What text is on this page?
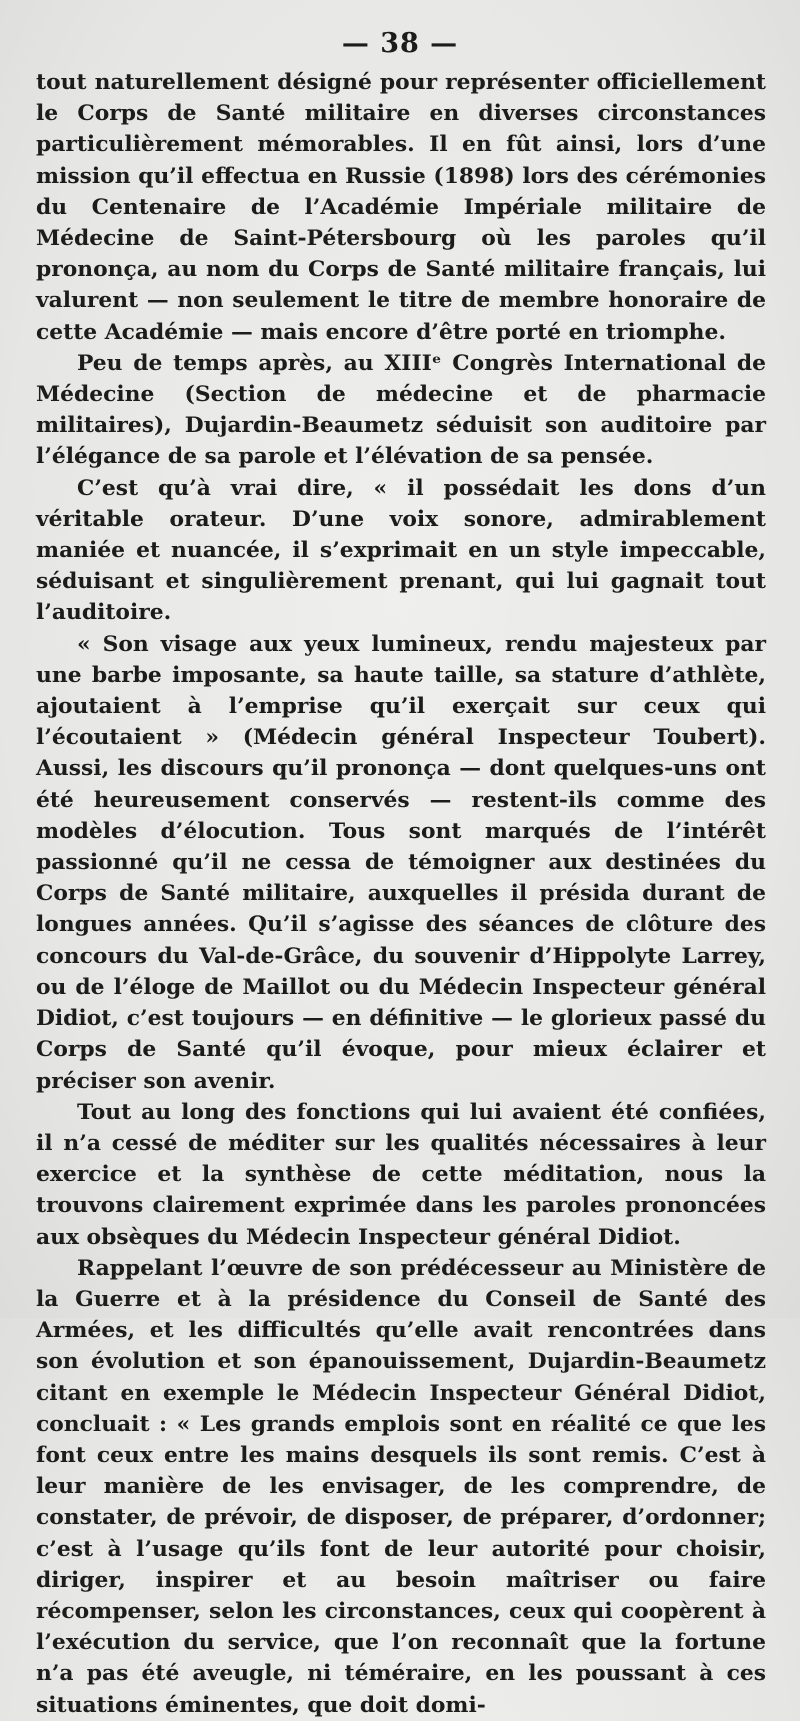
— 38 —

tout naturellement désigné pour représenter officiellement le Corps de Santé militaire en diverses circonstances particulièrement mémorables. Il en fût ainsi, lors d’une mission qu’il effectua en Russie (1898) lors des cérémonies du Centenaire de l’Académie Impériale militaire de Médecine de Saint-Pétersbourg où les paroles qu’il prononça, au nom du Corps de Santé militaire français, lui valurent — non seulement le titre de membre honoraire de cette Académie — mais encore d’être porté en triomphe.

Peu de temps après, au XIIIᵉ Congrès International de Médecine (Section de médecine et de pharmacie militaires), Dujardin-Beaumetz séduisit son auditoire par l’élégance de sa parole et l’élévation de sa pensée.

C’est qu’à vrai dire, « il possédait les dons d’un véritable orateur. D’une voix sonore, admirablement maniée et nuancée, il s’exprimait en un style impeccable, séduisant et singulièrement prenant, qui lui gagnait tout l’auditoire.

« Son visage aux yeux lumineux, rendu majesteux par une barbe imposante, sa haute taille, sa stature d’athlète, ajoutaient à l’emprise qu’il exerçait sur ceux qui l’écoutaient » (Médecin général Inspecteur Toubert). Aussi, les discours qu’il prononça — dont quelques-uns ont été heureusement conservés — restent-ils comme des modèles d’élocution. Tous sont marqués de l’intérêt passionné qu’il ne cessa de témoigner aux destinées du Corps de Santé militaire, auxquelles il présida durant de longues années. Qu’il s’agisse des séances de clôture des concours du Val-de-Grâce, du souvenir d’Hippolyte Larrey, ou de l’éloge de Maillot ou du Médecin Inspecteur général Didiot, c’est toujours — en définitive — le glorieux passé du Corps de Santé qu’il évoque, pour mieux éclairer et préciser son avenir.

Tout au long des fonctions qui lui avaient été confiées, il n’a cessé de méditer sur les qualités nécessaires à leur exercice et la synthèse de cette méditation, nous la trouvons clairement exprimée dans les paroles prononcées aux obsèques du Médecin Inspecteur général Didiot.

Rappelant l’œuvre de son prédécesseur au Ministère de la Guerre et à la présidence du Conseil de Santé des Armées, et les difficultés qu’elle avait rencontrées dans son évolution et son épanouissement, Dujardin-Beaumetz citant en exemple le Médecin Inspecteur Général Didiot, concluait : « Les grands emplois sont en réalité ce que les font ceux entre les mains desquels ils sont remis. C’est à leur manière de les envisager, de les comprendre, de constater, de prévoir, de disposer, de préparer, d’ordonner; c’est à l’usage qu’ils font de leur autorité pour choisir, diriger, inspirer et au besoin maîtriser ou faire récompenser, selon les circonstances, ceux qui coopèrent à l’exécution du service, que l’on reconnaît que la fortune n’a pas été aveugle, ni téméraire, en les poussant à ces situations éminentes, que doit domi-
